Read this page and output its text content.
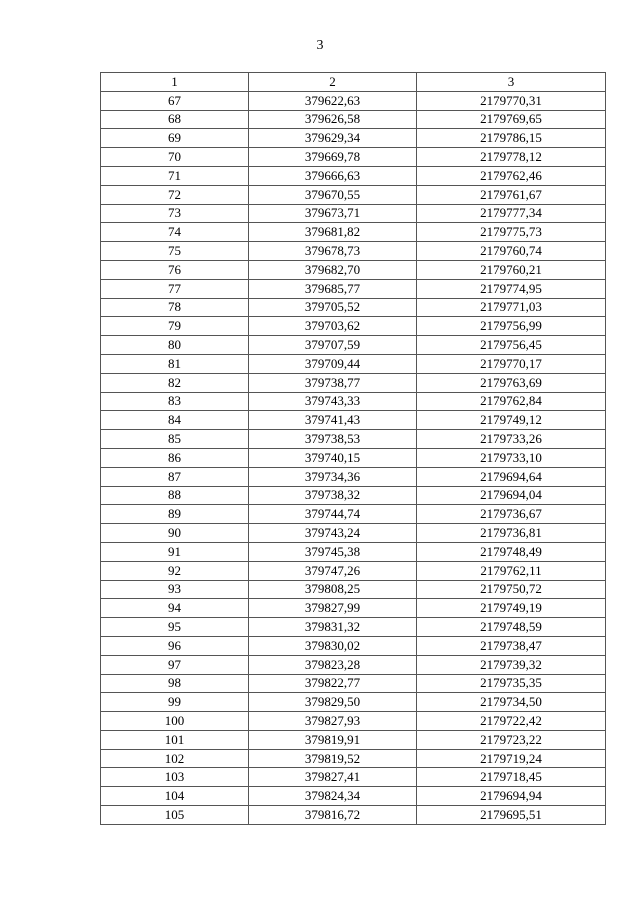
3
1	2	3
67	379622,63	2179770,31
68	379626,58	2179769,65
69	379629,34	2179786,15
70	379669,78	2179778,12
71	379666,63	2179762,46
72	379670,55	2179761,67
73	379673,71	2179777,34
74	379681,82	2179775,73
75	379678,73	2179760,74
76	379682,70	2179760,21
77	379685,77	2179774,95
78	379705,52	2179771,03
79	379703,62	2179756,99
80	379707,59	2179756,45
81	379709,44	2179770,17
82	379738,77	2179763,69
83	379743,33	2179762,84
84	379741,43	2179749,12
85	379738,53	2179733,26
86	379740,15	2179733,10
87	379734,36	2179694,64
88	379738,32	2179694,04
89	379744,74	2179736,67
90	379743,24	2179736,81
91	379745,38	2179748,49
92	379747,26	2179762,11
93	379808,25	2179750,72
94	379827,99	2179749,19
95	379831,32	2179748,59
96	379830,02	2179738,47
97	379823,28	2179739,32
98	379822,77	2179735,35
99	379829,50	2179734,50
100	379827,93	2179722,42
101	379819,91	2179723,22
102	379819,52	2179719,24
103	379827,41	2179718,45
104	379824,34	2179694,94
105	379816,72	2179695,51
